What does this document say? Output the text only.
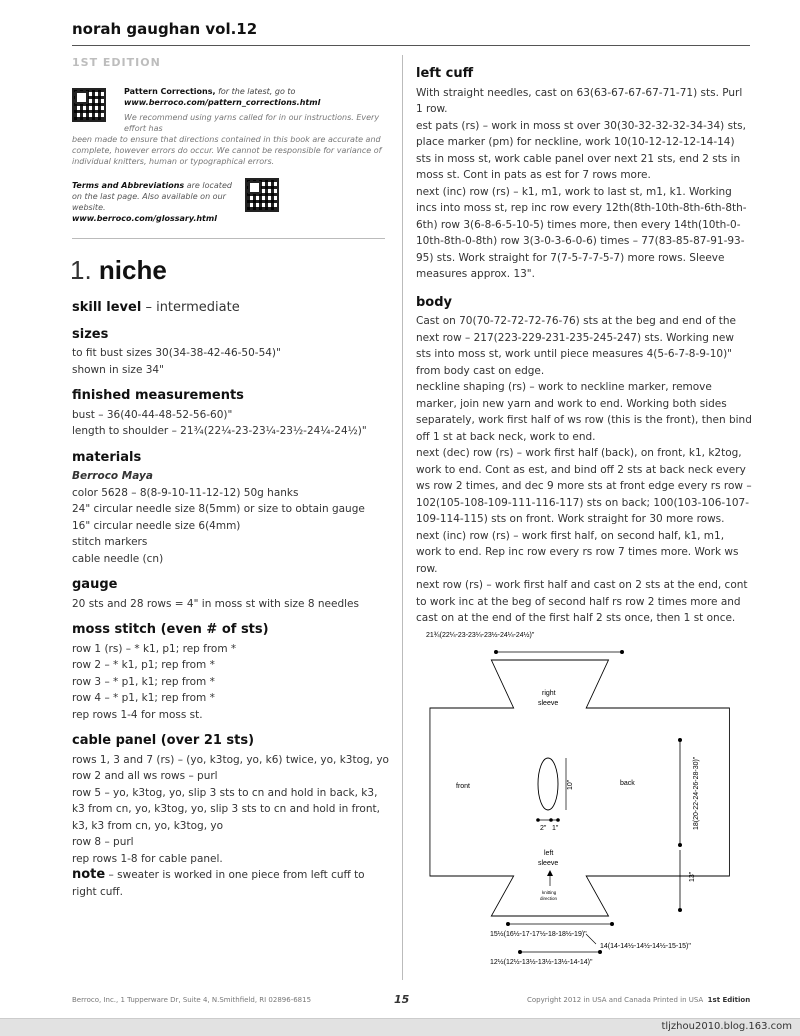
norah gaughan vol.12
1ST EDITION
Pattern Corrections, for the latest, go to
www.berroco.com/pattern_corrections.html
We recommend using yarns called for in our instructions. Every effort has
been made to ensure that directions contained in this book are accurate and complete, however errors do occur. We cannot be responsible for variance of individual knitters, human or typographical errors.
Terms and Abbreviations are located on the last page. Also available on our website.
www.berroco.com/glossary.html
1. niche

skill level – intermediate

sizes

to fit bust sizes 30(34-38-42-46-50-54)"

shown in size 34"

finished measurements

bust – 36(40-44-48-52-56-60)"

length to shoulder – 21¾(22¼-23-23¼-23½-24¼-24½)"

materials

Berroco Maya

color 5628 – 8(8-9-10-11-12-12) 50g hanks

24" circular needle size 8(5mm) or size to obtain gauge

16" circular needle size 6(4mm)

stitch markers

cable needle (cn)

gauge

20 sts and 28 rows = 4" in moss st with size 8 needles

moss stitch (even # of sts)

row 1 (rs) – * k1, p1; rep from *

row 2 – * k1, p1; rep from *

row 3 – * p1, k1; rep from *

row 4 – * p1, k1; rep from *

rep rows 1-4 for moss st.

cable panel (over 21 sts)

rows 1, 3 and 7 (rs) – (yo, k3tog, yo, k6) twice, yo, k3tog, yo

row 2 and all ws rows – purl

row 5 – yo, k3tog, yo, slip 3 sts to cn and hold in back, k3, k3 from cn, yo, k3tog, yo, slip 3 sts to cn and hold in front, k3, k3 from cn, yo, k3tog, yo

row 8 – purl

rep rows 1-8 for cable panel.

note – sweater is worked in one piece from left cuff to right cuff.

left cuff

With straight needles, cast on 63(63-67-67-67-71-71) sts. Purl 1 row.

est pats (rs) – work in moss st over 30(30-32-32-32-34-34) sts, place marker (pm) for neckline, work 10(10-12-12-12-14-14) sts in moss st, work cable panel over next 21 sts, end 2 sts in moss st. Cont in pats as est for 7 rows more.

next (inc) row (rs) – k1, m1, work to last st, m1, k1. Working incs into moss st, rep inc row every 12th(8th-10th-8th-6th-8th-6th) row 3(6-8-6-5-10-5) times more, then every 14th(10th-0-10th-8th-0-8th) row 3(3-0-3-6-0-6) times – 77(83-85-87-91-93-95) sts. Work straight for 7(7-5-7-7-5-7) more rows. Sleeve measures approx. 13".

body

Cast on 70(70-72-72-72-76-76) sts at the beg and end of the next row – 217(223-229-231-235-245-247) sts. Working new sts into moss st, work until piece measures 4(5-6-7-8-9-10)" from body cast on edge.

neckline shaping (rs) – work to neckline marker, remove marker, join new yarn and work to end. Working both sides separately, work first half of ws row (this is the front), then bind off 1 st at back neck, work to end.

next (dec) row (rs) – work first half (back), on front, k1, k2tog, work to end. Cont as est, and bind off 2 sts at back neck every ws row 2 times, and dec 9 more sts at front edge every rs row – 102(105-108-109-111-116-117) sts on back; 100(103-106-107-109-114-115) sts on front. Work straight for 30 more rows.

next (inc) row (rs) – work first half, on second half, k1, m1, work to end. Rep inc row every rs row 7 times more. Work ws row.

next row (rs) – work first half and cast on 2 sts at the end, cont to work inc at the beg of second half rs row 2 times more and cast on at the end of the first half 2 sts once, then 1 st once.

21¾(22¼-23-23¼-23½-24¼-24½)"
right
sleeve
front	back
10"
2" 1"
left
sleeve
knitting
direction
18(20-22-24-26-28-30)"
13"
15½(16½-17-17½-18-18½-19)"
14(14-14½-14½-14½-15-15)"
12½(12½-13½-13½-13½-14-14)"
Berroco, Inc., 1 Tupperware Dr, Suite 4, N.Smithfield, RI 02896-6815	15	Copyright 2012 in USA and Canada Printed in USA 1st Edition
tljzhou2010.blog.163.com
